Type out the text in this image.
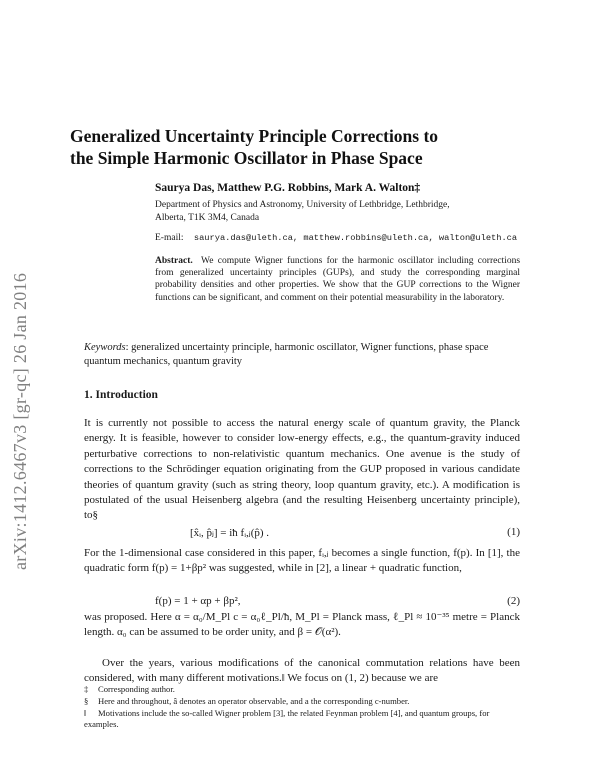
arXiv:1412.6467v3 [gr-qc] 26 Jan 2016
Generalized Uncertainty Principle Corrections to
the Simple Harmonic Oscillator in Phase Space
Saurya Das, Matthew P.G. Robbins, Mark A. Walton‡
Department of Physics and Astronomy, University of Lethbridge, Lethbridge,
Alberta, T1K 3M4, Canada
E-mail: saurya.das@uleth.ca, matthew.robbins@uleth.ca, walton@uleth.ca
Abstract. We compute Wigner functions for the harmonic oscillator including corrections from generalized uncertainty principles (GUPs), and study the corresponding marginal probability densities and other properties. We show that the GUP corrections to the Wigner functions can be significant, and comment on their potential measurability in the laboratory.
Keywords: generalized uncertainty principle, harmonic oscillator, Wigner functions, phase space quantum mechanics, quantum gravity
1. Introduction
It is currently not possible to access the natural energy scale of quantum gravity, the Planck energy. It is feasible, however to consider low-energy effects, e.g., the quantum-gravity induced perturbative corrections to non-relativistic quantum mechanics. One avenue is the study of corrections to the Schrödinger equation originating from the GUP proposed in various candidate theories of quantum gravity (such as string theory, loop quantum gravity, etc.). A modification is postulated of the usual Heisenberg algebra (and the resulting Heisenberg uncertainty principle), to§
[x̂ᵢ, p̂ⱼ] = iħ fᵢ,ⱼ(p̂) .	(1)
For the 1-dimensional case considered in this paper, fᵢ,ⱼ becomes a single function, f(p). In [1], the quadratic form f(p) = 1+βp² was suggested, while in [2], a linear + quadratic function,
f(p) = 1 + αp + βp²,	(2)
was proposed. Here α = α₀/M_Pl c = α₀ℓ_Pl/ħ, M_Pl = Planck mass, ℓ_Pl ≈ 10⁻³⁵ metre = Planck length. α₀ can be assumed to be order unity, and β = 𝒪(α²).
Over the years, various modifications of the canonical commutation relations have been considered, with many different motivations.‖ We focus on (1, 2) because we are
‡ Corresponding author.
§ Here and throughout, â denotes an operator observable, and a the corresponding c-number.
‖ Motivations include the so-called Wigner problem [3], the related Feynman problem [4], and quantum groups, for examples.
